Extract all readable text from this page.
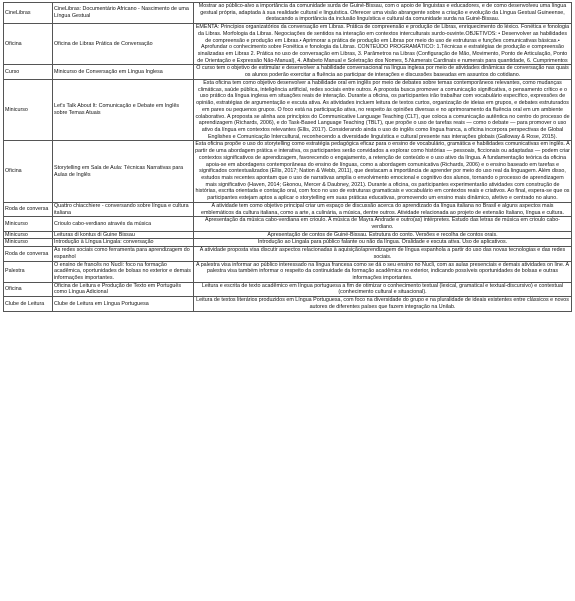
CineLibras	CineLibras: Documentário Africano - Nascimento de uma Língua Gestual	Mostrar ao público-alvo a importância da comunidade surda de Guiné-Bissau, com o apoio de linguistas e educadores, e de como desenvolveu uma língua gestual própria, adaptada à sua realidade cultural e linguística. Oferecer uma visão abrangente sobre a criação e evolução da Língua Gestual Guineense, destacando a importância da inclusão linguística e cultural da comunidade surda na Guiné-Bissau.
Oficina	Oficina de Libras Prática de Conversação	EMENTA: Princípios organizatórios da conversação em Libras. Prática de compreensão e produção de Libras, enriquecimento do léxico. Fonética e fonologia da Libras. Morfologia da Libras. Negociações de sentidos na interação em contextos interculturais surdo-ouvinte.OBJETIVOS: • Desenvolver as habilidades de compreensão e produção em Libras.• Aprimorar a prática de produção em Libras por meio do uso de estruturas e funções comunicativas básicas.• Aprofundar o conhecimento sobre Fonética e fonologia da Libras. CONTEÚDO PROGRAMÁTICO: 1.Técnicas e estratégias de produção e compreensão sinalizadas em Libras 2. Prática no uso de conversação em Libras, 3. Parâmetros na Libras (Configuração de Mão, Movimento, Ponto de Articulação, Ponto de Orientação e Expressão Não-Manual), 4. Alfabeto Manual e Soletração dos Nomes, 5.Numerais Cardinais e numerais para quantidade, 6. Cumprimentos
Curso	Minicurso de Conversação em Língua Inglesa	O curso tem o objetivo de estimular e desenvolver a habilidade conversacional na língua inglesa por meio de atividades dinâmicas de conversação nas quais os alunos poderão exercitar a fluência ao participar de interações e discussões baseadas em assuntos do cotidiano.
Minicurso	Let's Talk About It: Comunicação e Debate em Inglês sobre Temas Atuais	Esta oficina tem como objetivo desenvolver a habilidade oral em inglês por meio de debates sobre temas contemporâneos relevantes, como mudanças climáticas, saúde pública, inteligência artificial, redes sociais entre outros. A proposta busca promover a comunicação significativa, o pensamento crítico e o uso prático da língua inglesa em situações reais de interação. Durante a oficina, os participantes irão trabalhar com vocabulário específico, expressões de opinião, estratégias de argumentação e escuta ativa. As atividades incluem leitura de textos curtos, organização de ideias em grupos, e debates estruturados em pares ou pequenos grupos. O foco está na participação ativa, no respeito às opiniões diversas e no aprimoramento da fluência oral em um ambiente colaborativo. A proposta se alinha aos princípios do Communicative Language Teaching (CLT), que coloca a comunicação autêntica no centro do processo de aprendizagem (Richards, 2006), e do Task-Based Language Teaching (TBLT), que propõe o uso de tarefas reais — como o debate — para promover o uso ativo da língua em contextos relevantes (Ellis, 2017). Considerando ainda o uso do inglês como língua franca, a oficina incorpora perspectivas de Global Englishes e Comunicação Intercultural, reconhecendo a diversidade linguística e cultural presente nas interações globais (Galloway & Rose, 2015).
Oficina	Storytelling em Sala de Aula: Técnicas Narrativas para Aulas de Inglês	Esta oficina propõe o uso do storytelling como estratégia pedagógica eficaz para o ensino de vocabulário, gramática e habilidades comunicativas em inglês. A partir de uma abordagem prática e interativa, os participantes serão convidados a explorar como histórias — pessoais, ficcionais ou adaptadas — podem criar contextos significativos de aprendizagem, favorecendo o engajamento, a retenção de conteúdo e o uso ativo da língua. A fundamentação teórica da oficina apoia-se em abordagens contemporâneas do ensino de línguas, como a abordagem comunicativa (Richards, 2006) e o ensino baseado em tarefas e significados contextualizados (Ellis, 2017; Nation & Webb, 2011), que destacam a importância de aprender por meio do uso real da linguagem. Além disso, estudos mais recentes apontam que o uso de narrativas amplia o envolvimento emocional e cognitivo dos alunos, tornando o processo de aprendizagem mais significativo (Haven, 2014; Gkonou, Mercer & Daubney, 2021). Durante a oficina, os participantes experimentarão atividades com construção de histórias, escrita orientada e contação oral, com foco no uso de estruturas gramaticais e vocabulário em contextos reais e criativos. Ao final, espera-se que os participantes estejam aptos a aplicar o storytelling em suas práticas educativas, promovendo um ensino mais dinâmico, afetivo e centrado no aluno.
Roda de conversa	Quattro chiacchiere - conversando sobre língua e cultura italiana	A atividade tem como objetivo principal criar um espaço de discussão acerca do aprendizado da língua italiana no Brasil e alguns aspectos mais emblemáticos da cultura italiana, como a arte, a culinária, a música, dentre outros. Atividade relacionada ao projeto de extensão Italiano, língua e cultura.
Minicurso	Crioulo cabo-verdiano através da música	Apresentação da música cabo-verdiana em crioulo. A música de Mayra Andrade e outro(as) intérpretes. Estudo das letras de música em crioulo cabo-verdiano.
Minicurso	Leituras di kontus di Guine Bissau	Apresentação de contos de Guiné-Bissau. Estrutura do conto. Versões e recolha de contos orais.
Minicurso	Introdução à Língua Lingala: conversação	Introdução ao Lingala para público falante ou não da língua. Oralidade e escuta ativa. Uso de aplicativos.
Roda de conversa	As redes sociais como ferramenta para aprendizagem do espanhol	A atividade proposta visa discutir aspectos relacionadas à aquisição/aprendizagem de língua espanhola a partir do uso das novas tecnologias e das redes sociais.
Palestra	O ensino de francês no Nucli: foco na formação acadêmica, oportunidades de bolsas no exterior e demais informações importantes.	A palestra visa informar ao público interessado na língua francesa como se dá o seu ensino no Nucli, com as aulas presenciais e demais atividades on line. A palestra visa também informar o respeito da continuidade da formação acadêmica no exterior, indicando possíveis oportunidades de bolsas e outras informações importantes.
Oficina	Oficina de Leitura e Produção de Texto em Português como Língua Adicional	Leitura e escrita de texto acadêmico em língua portuguesa a fim de otimizar o conhecimento textual (lexical, gramatical e textual-discursivo) e contextual (conhecimento cultural e situacional).
Clube de Leitura	Clube de Leitura em Língua Portuguesa	Leitura de textos literários produzidos em Língua Portuguesa, com foco na diversidade do grupo e na pluralidade de ideais existentes entre clássicos e novos autores de diferentes países que fazem integração na Unilab.
